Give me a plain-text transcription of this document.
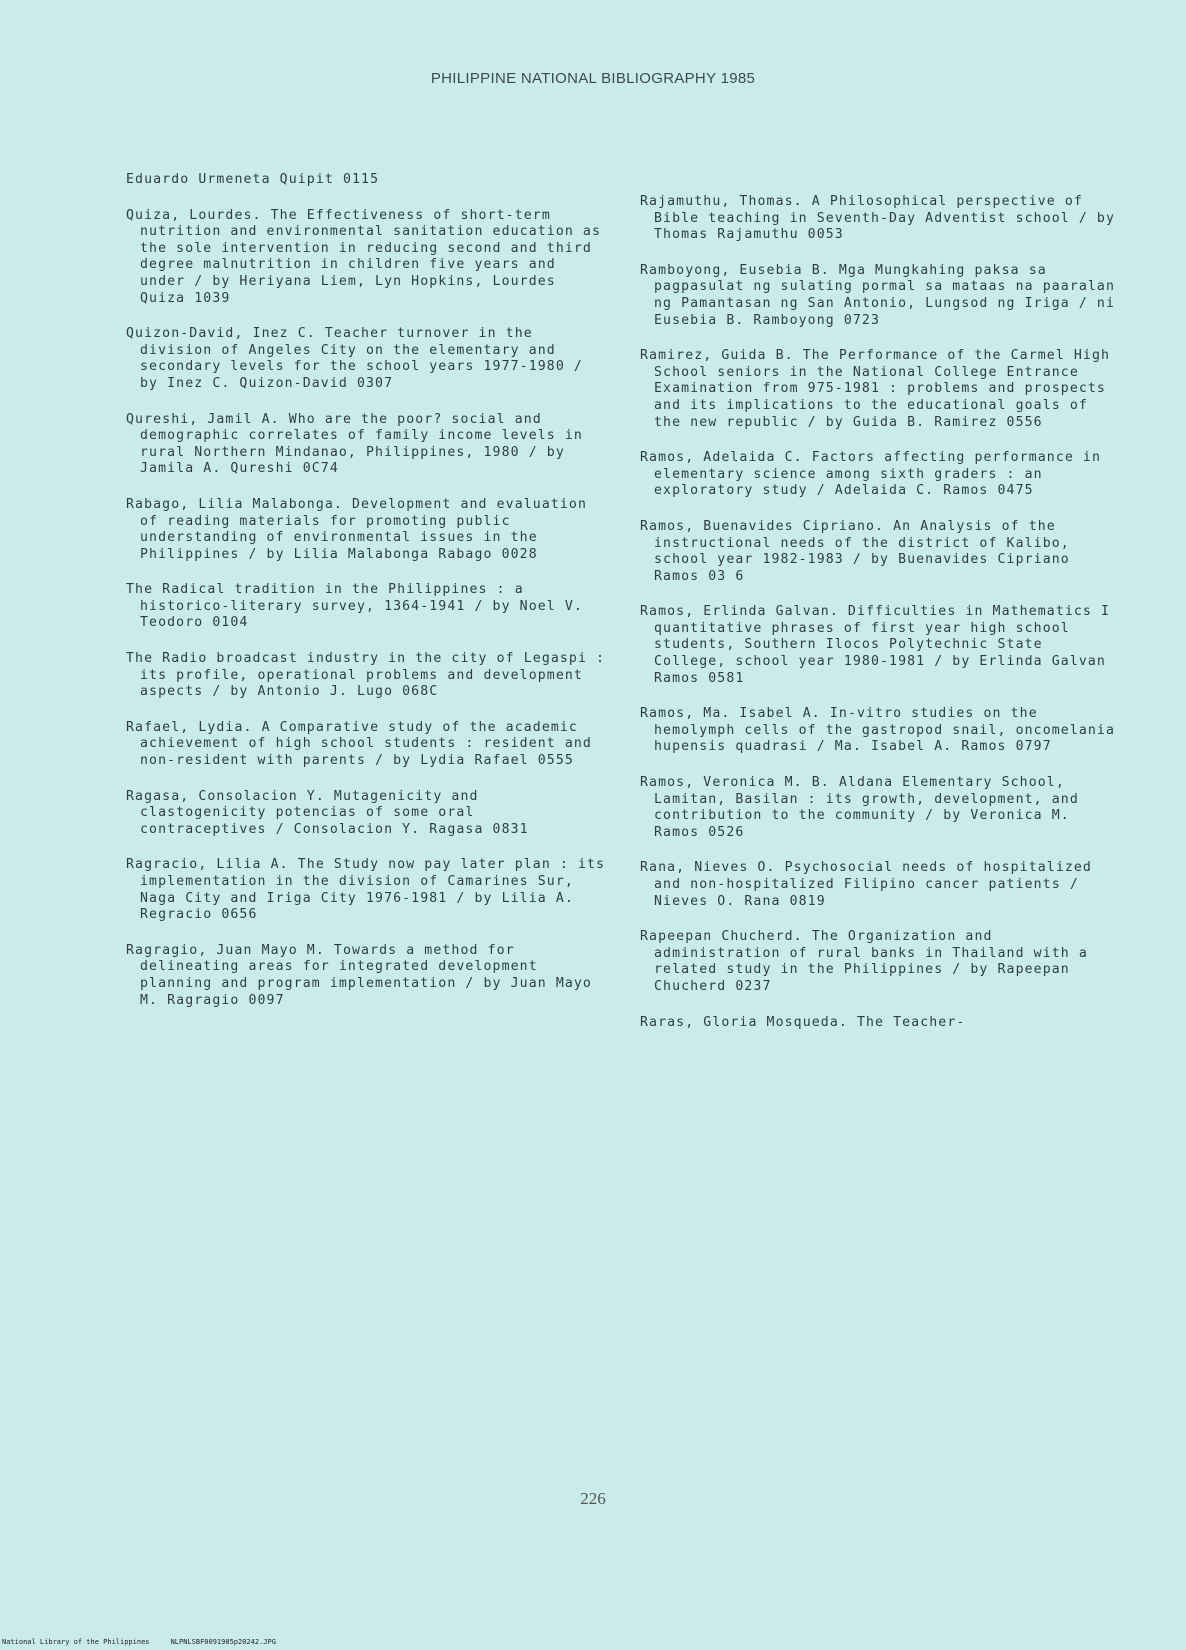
PHILIPPINE NATIONAL BIBLIOGRAPHY 1985
Eduardo Urmeneta Quipit 0115
Quiza, Lourdes. The Effectiveness of short-term nutrition and environmental sanitation education as the sole intervention in reducing second and third degree malnutrition in children five years and under / by Heriyana Liem, Lyn Hopkins, Lourdes Quiza 1039
Quizon-David, Inez C. Teacher turnover in the division of Angeles City on the elementary and secondary levels for the school years 1977-1980 / by Inez C. Quizon-David 0307
Qureshi, Jamil A. Who are the poor? social and demographic correlates of family income levels in rural Northern Mindanao, Philippines, 1980 / by Jamila A. Qureshi 0C74
Rabago, Lilia Malabonga. Development and evaluation of reading materials for promoting public understanding of environmental issues in the Philippines / by Lilia Malabonga Rabago 0028
The Radical tradition in the Philippines : a historico-literary survey, 1364-1941 / by Noel V. Teodoro 0104
The Radio broadcast industry in the city of Legaspi : its profile, operational problems and development aspects / by Antonio J. Lugo 068C
Rafael, Lydia. A Comparative study of the academic achievement of high school students : resident and non-resident with parents / by Lydia Rafael 0555
Ragasa, Consolacion Y. Mutagenicity and clastogenicity potencias of some oral contraceptives / Consolacion Y. Ragasa 0831
Ragracio, Lilia A. The Study now pay later plan : its implementation in the division of Camarines Sur, Naga City and Iriga City 1976-1981 / by Lilia A. Regracio 0656
Ragragio, Juan Mayo M. Towards a method for delineating areas for integrated development planning and program implementation / by Juan Mayo M. Ragragio 0097
Rajamuthu, Thomas. A Philosophical perspective of Bible teaching in Seventh-Day Adventist school / by Thomas Rajamuthu 0053
Ramboyong, Eusebia B. Mga Mungkahing paksa sa pagpasulat ng sulating pormal sa mataas na paaralan ng Pamantasan ng San Antonio, Lungsod ng Iriga / ni Eusebia B. Ramboyong 0723
Ramirez, Guida B. The Performance of the Carmel High School seniors in the National College Entrance Examination from 975-1981 : problems and prospects and its implications to the educational goals of the new republic / by Guida B. Ramirez 0556
Ramos, Adelaida C. Factors affecting performance in elementary science among sixth graders : an exploratory study / Adelaida C. Ramos 0475
Ramos, Buenavides Cipriano. An Analysis of the instructional needs of the district of Kalibo, school year 1982-1983 / by Buenavides Cipriano Ramos 03 6
Ramos, Erlinda Galvan. Difficulties in Mathematics I quantitative phrases of first year high school students, Southern Ilocos Polytechnic State College, school year 1980-1981 / by Erlinda Galvan Ramos 0581
Ramos, Ma. Isabel A. In-vitro studies on the hemolymph cells of the gastropod snail, oncomelania hupensis quadrasi / Ma. Isabel A. Ramos 0797
Ramos, Veronica M. B. Aldana Elementary School, Lamitan, Basilan : its growth, development, and contribution to the community / by Veronica M. Ramos 0526
Rana, Nieves O. Psychosocial needs of hospitalized and non-hospitalized Filipino cancer patients / Nieves O. Rana 0819
Rapeepan Chucherd. The Organization and administration of rural banks in Thailand with a related study in the Philippines / by Rapeepan Chucherd 0237
Raras, Gloria Mosqueda. The Teacher-
226
National Library of the Philippines     NLPNLSBF0091985p20242.JPG
